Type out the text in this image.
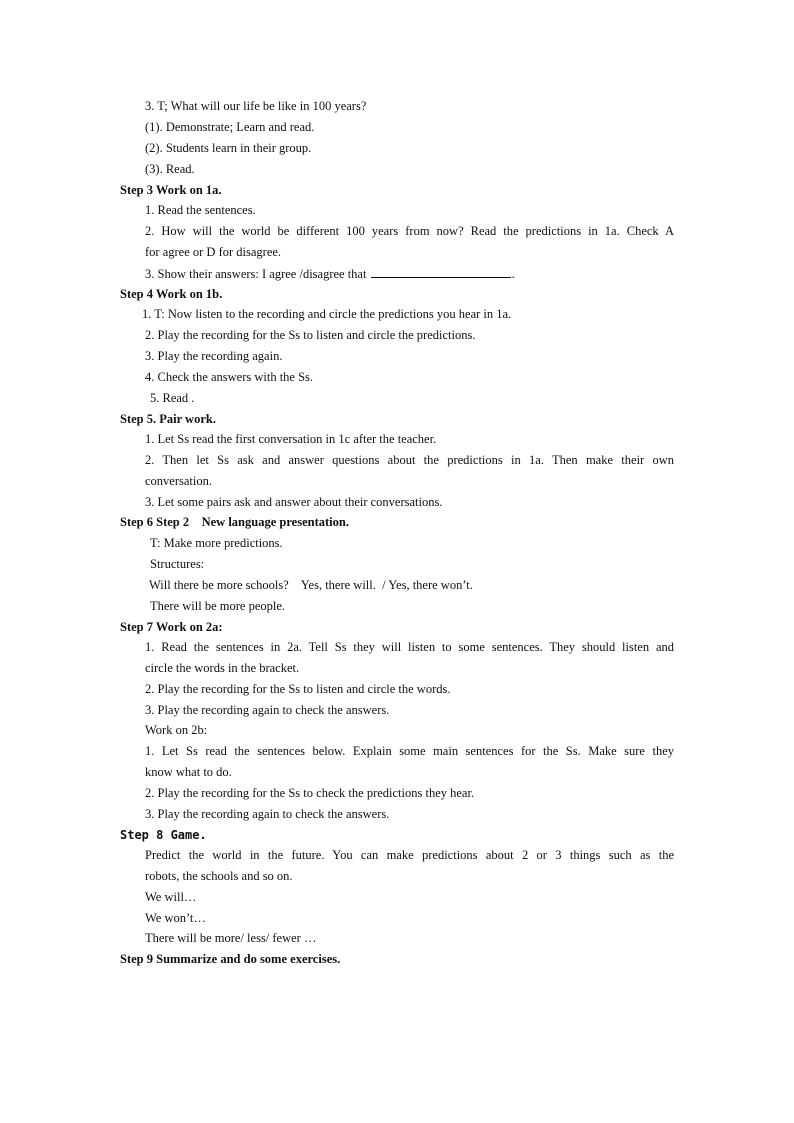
3. T; What will our life be like in 100 years?
(1). Demonstrate; Learn and read.
(2). Students learn in their group.
(3). Read.
Step 3 Work on 1a.
1. Read the sentences.
2. How will the world be different 100 years from now? Read the predictions in 1a. Check A
for agree or D for disagree.
3. Show their answers: I agree /disagree that	.
Step 4 Work on 1b.
1. T: Now listen to the recording and circle the predictions you hear in 1a.
2. Play the recording for the Ss to listen and circle the predictions.
3. Play the recording again.
4. Check the answers with the Ss.
5. Read .
Step 5. Pair work.
1. Let Ss read the first conversation in 1c after the teacher.
2. Then let Ss ask and answer questions about the predictions in 1a. Then make their own
conversation.
3. Let some pairs ask and answer about their conversations.
Step 6 Step 2    New language presentation.
T: Make more predictions.
Structures:
Will there be more schools?    Yes, there will.  / Yes, there won’t.
There will be more people.
Step 7 Work on 2a:
1. Read the sentences in 2a. Tell Ss they will listen to some sentences. They should listen and
circle the words in the bracket.
2. Play the recording for the Ss to listen and circle the words.
3. Play the recording again to check the answers.
Work on 2b:
1. Let Ss read the sentences below. Explain some main sentences for the Ss. Make sure they
know what to do.
2. Play the recording for the Ss to check the predictions they hear.
3. Play the recording again to check the answers.
Step 8 Game.
Predict the world in the future. You can make predictions about 2 or 3 things such as the
robots, the schools and so on.
We will…
We won’t…
There will be more/ less/ fewer …
Step 9 Summarize and do some exercises.
